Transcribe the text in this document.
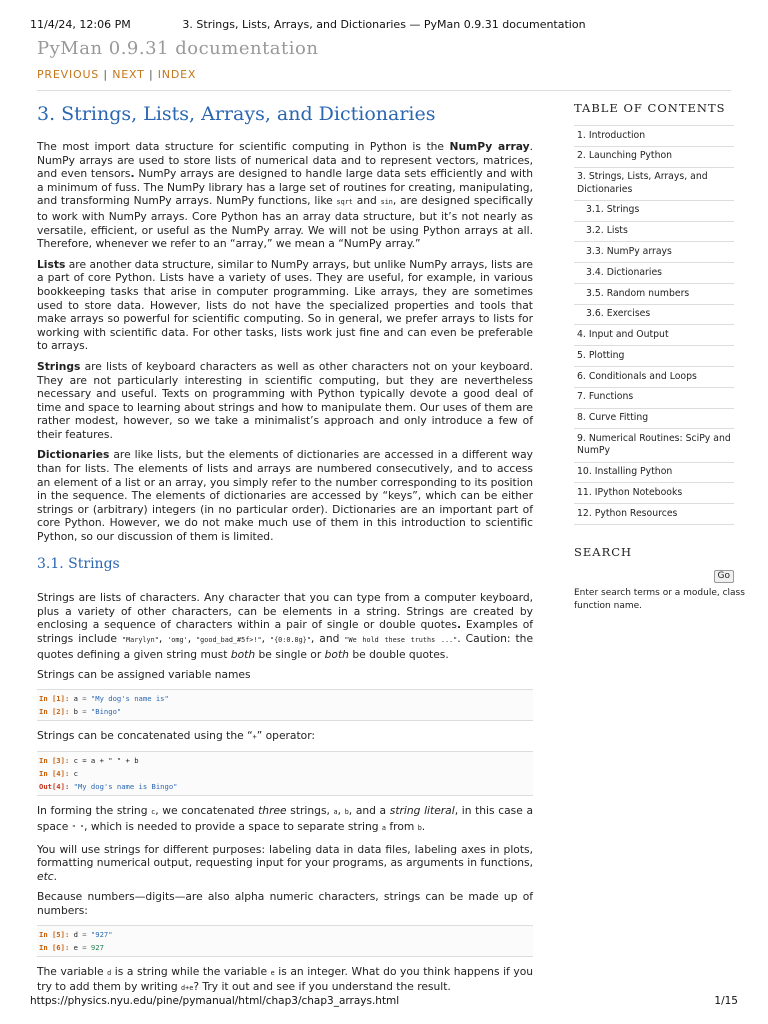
11/4/24, 12:06 PM	3. Strings, Lists, Arrays, and Dictionaries — PyMan 0.9.31 documentation
PyMan 0.9.31 documentation
PREVIOUS | NEXT | INDEX
3. Strings, Lists, Arrays, and Dictionaries

The most import data structure for scientific computing in Python is the NumPy array. NumPy arrays are used to store lists of numerical data and to represent vectors, matrices, and even tensors. NumPy arrays are designed to handle large data sets efficiently and with a minimum of fuss. The NumPy library has a large set of routines for creating, manipulating, and transforming NumPy arrays. NumPy functions, like sqrt and sin, are designed specifically to work with NumPy arrays. Core Python has an array data structure, but it’s not nearly as versatile, efficient, or useful as the NumPy array. We will not be using Python arrays at all. Therefore, whenever we refer to an “array,” we mean a “NumPy array.”

Lists are another data structure, similar to NumPy arrays, but unlike NumPy arrays, lists are a part of core Python. Lists have a variety of uses. They are useful, for example, in various bookkeeping tasks that arise in computer programming. Like arrays, they are sometimes used to store data. However, lists do not have the specialized properties and tools that make arrays so powerful for scientific computing. So in general, we prefer arrays to lists for working with scientific data. For other tasks, lists work just fine and can even be preferable to arrays.

Strings are lists of keyboard characters as well as other characters not on your keyboard. They are not particularly interesting in scientific computing, but they are nevertheless necessary and useful. Texts on programming with Python typically devote a good deal of time and space to learning about strings and how to manipulate them. Our uses of them are rather modest, however, so we take a minimalist’s approach and only introduce a few of their features.

Dictionaries are like lists, but the elements of dictionaries are accessed in a different way than for lists. The elements of lists and arrays are numbered consecutively, and to access an element of a list or an array, you simply refer to the number corresponding to its position in the sequence. The elements of dictionaries are accessed by “keys”, which can be either strings or (arbitrary) integers (in no particular order). Dictionaries are an important part of core Python. However, we do not make much use of them in this introduction to scientific Python, so our discussion of them is limited.

3.1. Strings

Strings are lists of characters. Any character that you can type from a computer keyboard, plus a variety of other characters, can be elements in a string. Strings are created by enclosing a sequence of characters within a pair of single or double quotes. Examples of strings include "Marylyn", 'omg', "good_bad_#5f>!", "{0:0.8g}", and "We hold these truths ...". Caution: the quotes defining a given string must both be single or both be double quotes.

Strings can be assigned variable names

In [1]: a = "My dog's name is"
In [2]: b = "Bingo"

Strings can be concatenated using the “+” operator:

In [3]: c = a + " " + b
In [4]: c
Out[4]: "My dog's name is Bingo"

In forming the string c, we concatenated three strings, a, b, and a string literal, in this case a space " ", which is needed to provide a space to separate string a from b.

You will use strings for different purposes: labeling data in data files, labeling axes in plots, formatting numerical output, requesting input for your programs, as arguments in functions, etc.

Because numbers—digits—are also alpha numeric characters, strings can be made up of numbers:

In [5]: d = "927"
In [6]: e = 927

The variable d is a string while the variable e is an integer. What do you think happens if you try to add them by writing d+e? Try it out and see if you understand the result.

TABLE OF CONTENTS
1. Introduction
2. Launching Python
3. Strings, Lists, Arrays, and Dictionaries
3.1. Strings
3.2. Lists
3.3. NumPy arrays
3.4. Dictionaries
3.5. Random numbers
3.6. Exercises
4. Input and Output
5. Plotting
6. Conditionals and Loops
7. Functions
8. Curve Fitting
9. Numerical Routines: SciPy and NumPy
10. Installing Python
11. IPython Notebooks
12. Python Resources
SEARCH
Go
Enter search terms or a module, class
function name.
https://physics.nyu.edu/pine/pymanual/html/chap3/chap3_arrays.html	1/15
